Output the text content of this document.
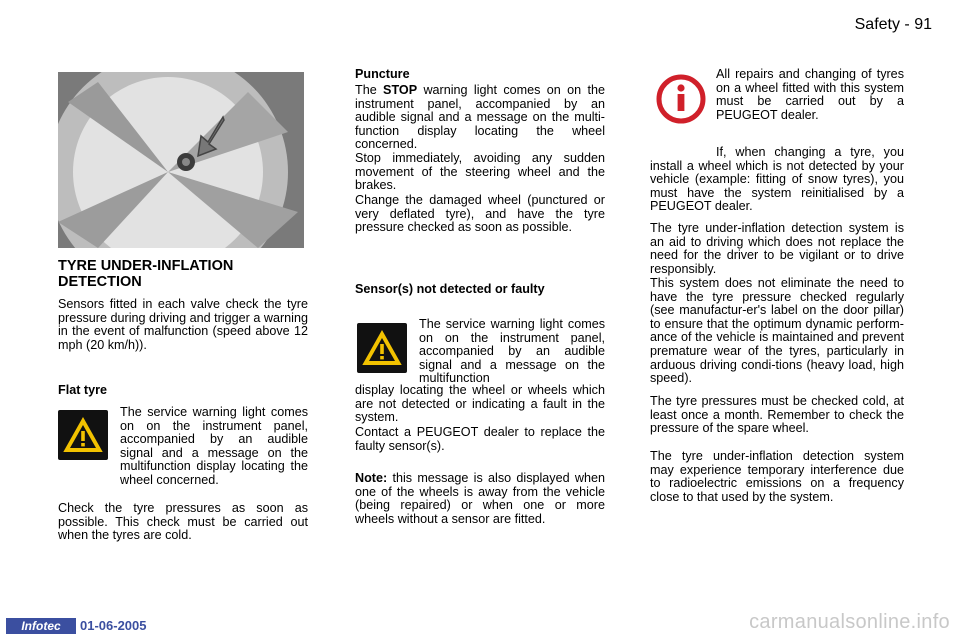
Safety - 91
TYRE UNDER-INFLATION DETECTION
Sensors fitted in each valve check the tyre pressure during driving and trigger a warning in the event of malfunction (speed above 12 mph (20 km/h)).
Flat tyre
The service warning light comes on on the instrument panel, accompanied by an audible signal and a message on the multifunction display locating the wheel concerned.
Check the tyre pressures as soon as possible. This check must be carried out when the tyres are cold.
Puncture
The STOP warning light comes on on the instrument panel, accompanied by an audible signal and a message on the multi-function display locating the wheel concerned.
Stop immediately, avoiding any sudden movement of the steering wheel and the brakes.
Change the damaged wheel (punctured or very deflated tyre), and have the tyre pressure checked as soon as possible.
Sensor(s) not detected or faulty
The service warning light comes on on the instrument panel, accompanied by an audible signal and a message on the multifunction
display locating the wheel or wheels which are not detected or indicating a fault in the system.
Contact a PEUGEOT dealer to replace the faulty sensor(s).
Note: this message is also displayed when one of the wheels is away from the vehicle (being repaired) or when one or more wheels without a sensor are fitted.
All repairs and changing of tyres on a wheel fitted with this system must be carried out by a PEUGEOT dealer.
If, when changing a tyre, you install a wheel which is not detected by your vehicle (example: fitting of snow tyres), you must have the system reinitialised by a PEUGEOT dealer.
The tyre under-inflation detection system is an aid to driving which does not replace the need for the driver to be vigilant or to drive responsibly.
This system does not eliminate the need to have the tyre pressure checked regularly (see manufactur-er's label on the door pillar) to ensure that the optimum dynamic perform-ance of the vehicle is maintained and prevent premature wear of the tyres, particularly in arduous driving condi-tions (heavy load, high speed).
The tyre pressures must be checked cold, at least once a month. Remember to check the pressure of the spare wheel.
The tyre under-inflation detection system may experience temporary interference due to radioelectric emissions on a frequency close to that used by the system.
Infotec	01-06-2005	carmanualsonline.info
